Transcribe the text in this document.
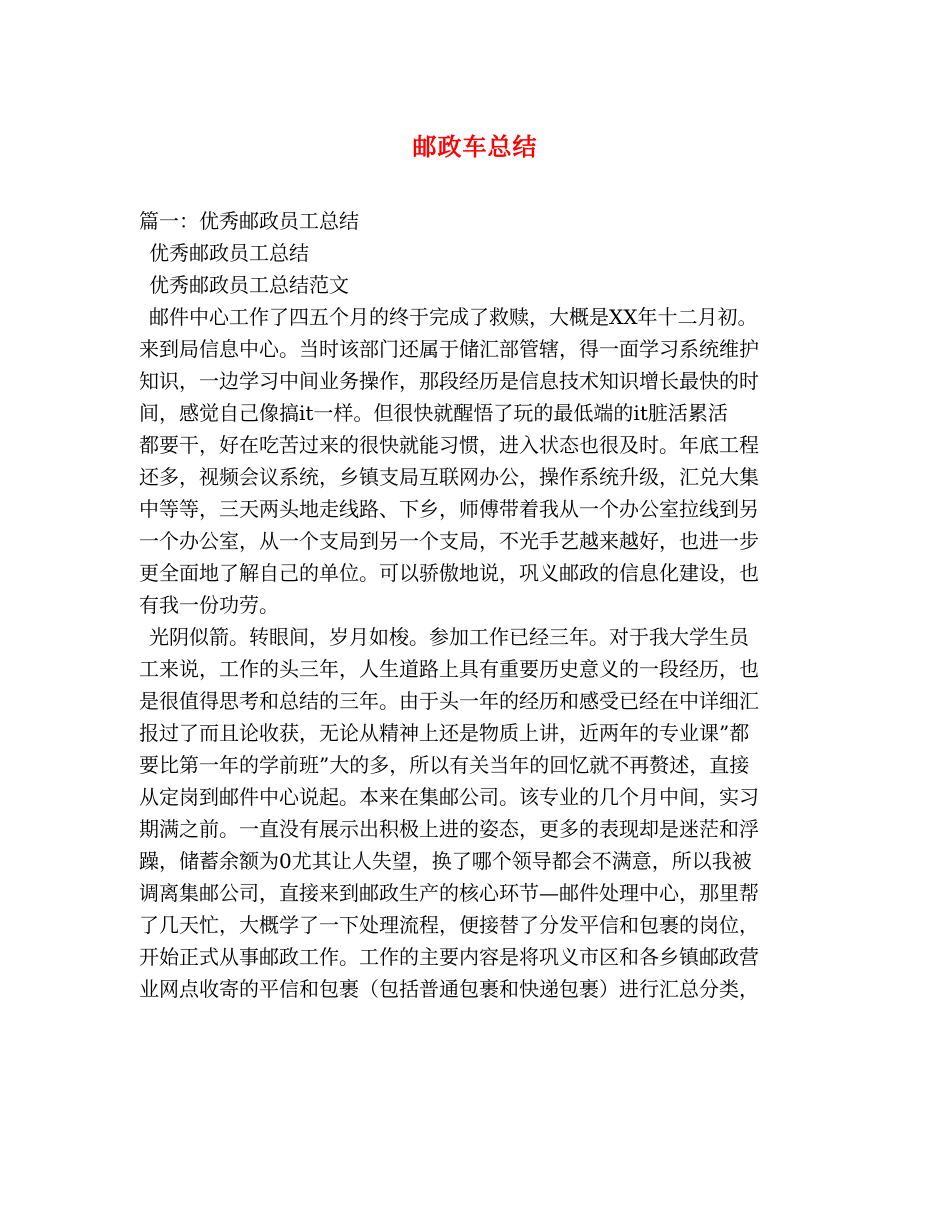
邮政车总结
篇一：优秀邮政员工总结
优秀邮政员工总结
优秀邮政员工总结范文
邮件中心工作了四五个月的终于完成了救赎，大概是XX年十二月初。
来到局信息中心。当时该部门还属于储汇部管辖，得一面学习系统维护
知识，一边学习中间业务操作，那段经历是信息技术知识增长最快的时
间，感觉自己像搞it一样。但很快就醒悟了玩的最低端的it脏活累活
都要干，好在吃苦过来的很快就能习惯，进入状态也很及时。年底工程
还多，视频会议系统，乡镇支局互联网办公，操作系统升级，汇兑大集
中等等，三天两头地走线路、下乡，师傅带着我从一个办公室拉线到另
一个办公室，从一个支局到另一个支局，不光手艺越来越好，也进一步
更全面地了解自己的单位。可以骄傲地说，巩义邮政的信息化建设，也
有我一份功劳。
光阴似箭。转眼间，岁月如梭。参加工作已经三年。对于我大学生员
工来说，工作的头三年，人生道路上具有重要历史意义的一段经历，也
是很值得思考和总结的三年。由于头一年的经历和感受已经在中详细汇
报过了而且论收获，无论从精神上还是物质上讲，近两年的专业课”都
要比第一年的学前班”大的多，所以有关当年的回忆就不再赘述，直接
从定岗到邮件中心说起。本来在集邮公司。该专业的几个月中间，实习
期满之前。一直没有展示出积极上进的姿态，更多的表现却是迷茫和浮
躁，储蓄余额为0尤其让人失望，换了哪个领导都会不满意，所以我被
调离集邮公司，直接来到邮政生产的核心环节—邮件处理中心，那里帮
了几天忙，大概学了一下处理流程，便接替了分发平信和包裹的岗位，
开始正式从事邮政工作。工作的主要内容是将巩义市区和各乡镇邮政营
业网点收寄的平信和包裹（包括普通包裹和快递包裹）进行汇总分类，
